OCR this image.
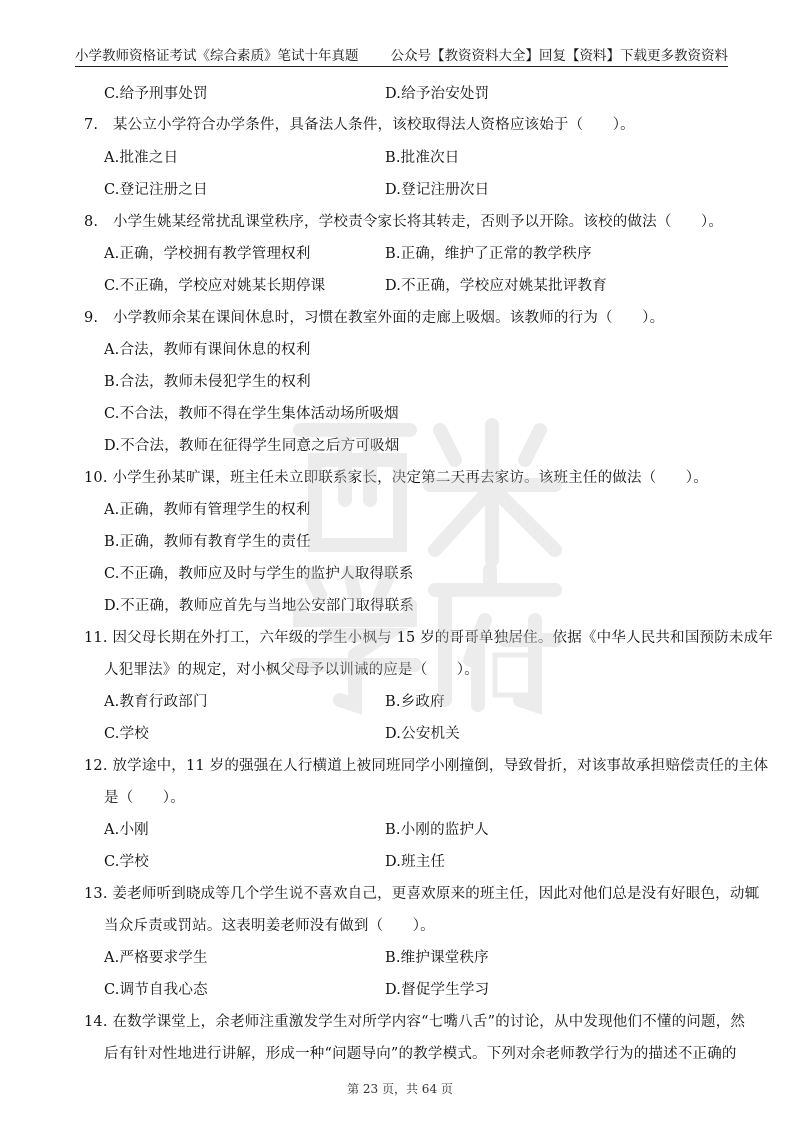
小学教师资格证考试《综合素质》笔试十年真题 公众号【教资资料大全】回复【资料】下载更多教资资料
C.给予刑事处罚	D.给予治安处罚
7.　某公立小学符合办学条件，具备法人条件，该校取得法人资格应该始于（　　）。
A.批准之日	B.批准次日
C.登记注册之日	D.登记注册次日
8.　小学生姚某经常扰乱课堂秩序，学校责令家长将其转走，否则予以开除。该校的做法（　　）。
A.正确，学校拥有教学管理权利	B.正确，维护了正常的教学秩序
C.不正确，学校应对姚某长期停课	D.不正确，学校应对姚某批评教育
9.　小学教师余某在课间休息时，习惯在教室外面的走廊上吸烟。该教师的行为（　　）。
A.合法，教师有课间休息的权利
B.合法，教师未侵犯学生的权利
C.不合法，教师不得在学生集体活动场所吸烟
D.不合法，教师在征得学生同意之后方可吸烟
10. 小学生孙某旷课，班主任未立即联系家长，决定第二天再去家访。该班主任的做法（　　）。
A.正确，教师有管理学生的权利
B.正确，教师有教育学生的责任
C.不正确，教师应及时与学生的监护人取得联系
D.不正确，教师应首先与当地公安部门取得联系
11. 因父母长期在外打工，六年级的学生小枫与 15 岁的哥哥单独居住。依据《中华人民共和国预防未成年
人犯罪法》的规定，对小枫父母予以训诫的应是（　　）。
A.教育行政部门	B.乡政府
C.学校	D.公安机关
12. 放学途中，11 岁的强强在人行横道上被同班同学小刚撞倒，导致骨折，对该事故承担赔偿责任的主体
是（　　）。
A.小刚	B.小刚的监护人
C.学校	D.班主任
13. 姜老师听到晓成等几个学生说不喜欢自己，更喜欢原来的班主任，因此对他们总是没有好眼色，动辄
当众斥责或罚站。这表明姜老师没有做到（　　）。
A.严格要求学生	B.维护课堂秩序
C.调节自我心态	D.督促学生学习
14. 在数学课堂上，余老师注重激发学生对所学内容“七嘴八舌”的讨论，从中发现他们不懂的问题，然
后有针对性地进行讲解，形成一种“问题导向”的教学模式。下列对余老师教学行为的描述不正确的
第 23 页，共 64 页
